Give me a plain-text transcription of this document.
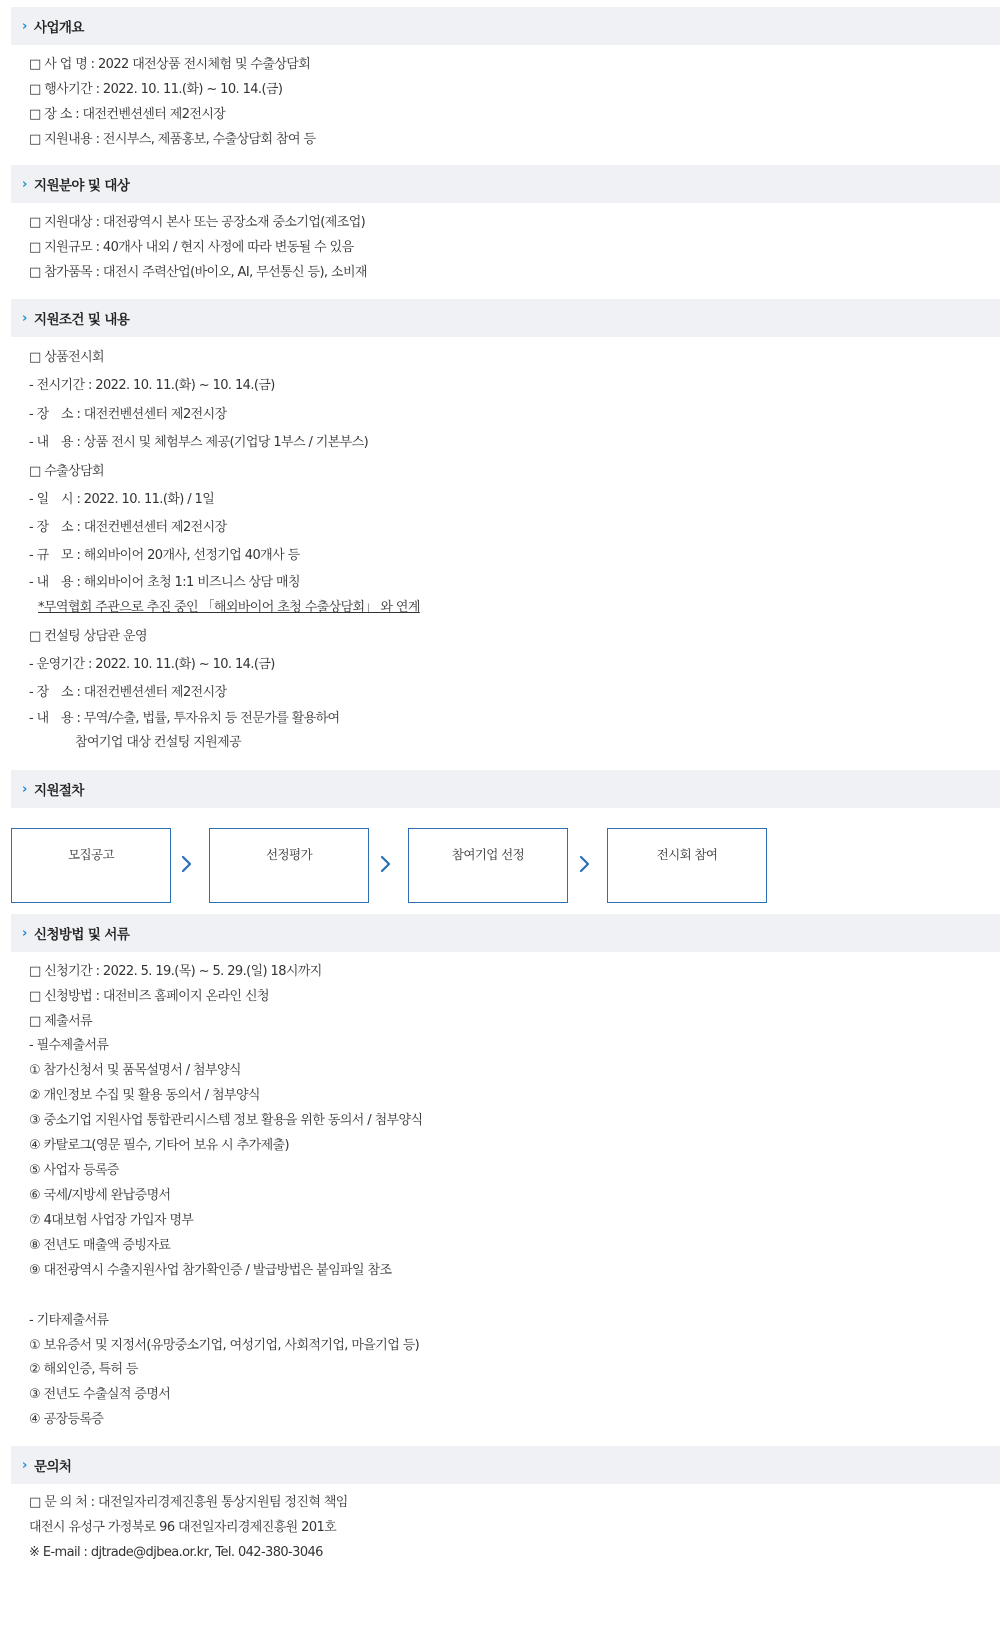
› 사업개요
□ 사 업 명 : 2022 대전상품 전시체험 및 수출상담회
□ 행사기간 : 2022. 10. 11.(화) ~ 10. 14.(금)
□ 장 소 : 대전컨벤션센터 제2전시장
□ 지원내용 : 전시부스, 제품홍보, 수출상담회 참여 등
› 지원분야 및 대상
□ 지원대상 : 대전광역시 본사 또는 공장소재 중소기업(제조업)
□ 지원규모 : 40개사 내외 / 현지 사정에 따라 변동될 수 있음
□ 참가품목 : 대전시 주력산업(바이오, AI, 무선통신 등), 소비재
› 지원조건 및 내용
□ 상품전시회
- 전시기간 : 2022. 10. 11.(화) ~ 10. 14.(금)
- 장　소 : 대전컨벤션센터 제2전시장
- 내　용 : 상품 전시 및 체험부스 제공(기업당 1부스 / 기본부스)
□ 수출상담회
- 일　시 : 2022. 10. 11.(화) / 1일
- 장　소 : 대전컨벤션센터 제2전시장
- 규　모 : 해외바이어 20개사, 선정기업 40개사 등
- 내　용 : 해외바이어 초청 1:1 비즈니스 상담 매칭
*무역협회 주관으로 추진 중인 「해외바이어 초청 수출상담회」 와 연계
□ 컨설팅 상담관 운영
- 운영기간 : 2022. 10. 11.(화) ~ 10. 14.(금)
- 장　소 : 대전컨벤션센터 제2전시장
- 내　용 : 무역/수출, 법률, 투자유치 등 전문가를 활용하여
참여기업 대상 컨설팅 지원제공
› 지원절차
모집공고	선정평가	참여기업 선정	전시회 참여
› 신청방법 및 서류
□ 신청기간 : 2022. 5. 19.(목) ~ 5. 29.(일) 18시까지
□ 신청방법 : 대전비즈 홈페이지 온라인 신청
□ 제출서류
- 필수제출서류
① 참가신청서 및 품목설명서 / 첨부양식
② 개인정보 수집 및 활용 동의서 / 첨부양식
③ 중소기업 지원사업 통합관리시스템 정보 활용을 위한 동의서 / 첨부양식
④ 카탈로그(영문 필수, 기타어 보유 시 추가제출)
⑤ 사업자 등록증
⑥ 국세/지방세 완납증명서
⑦ 4대보험 사업장 가입자 명부
⑧ 전년도 매출액 증빙자료
⑨ 대전광역시 수출지원사업 참가확인증 / 발급방법은 붙임파일 참조
- 기타제출서류
① 보유증서 및 지정서(유망중소기업, 여성기업, 사회적기업, 마을기업 등)
② 해외인증, 특허 등
③ 전년도 수출실적 증명서
④ 공장등록증
› 문의처
□ 문 의 처 : 대전일자리경제진흥원 통상지원팀 정진혁 책임
대전시 유성구 가정북로 96 대전일자리경제진흥원 201호
※ E-mail : djtrade@djbea.or.kr, Tel. 042-380-3046
